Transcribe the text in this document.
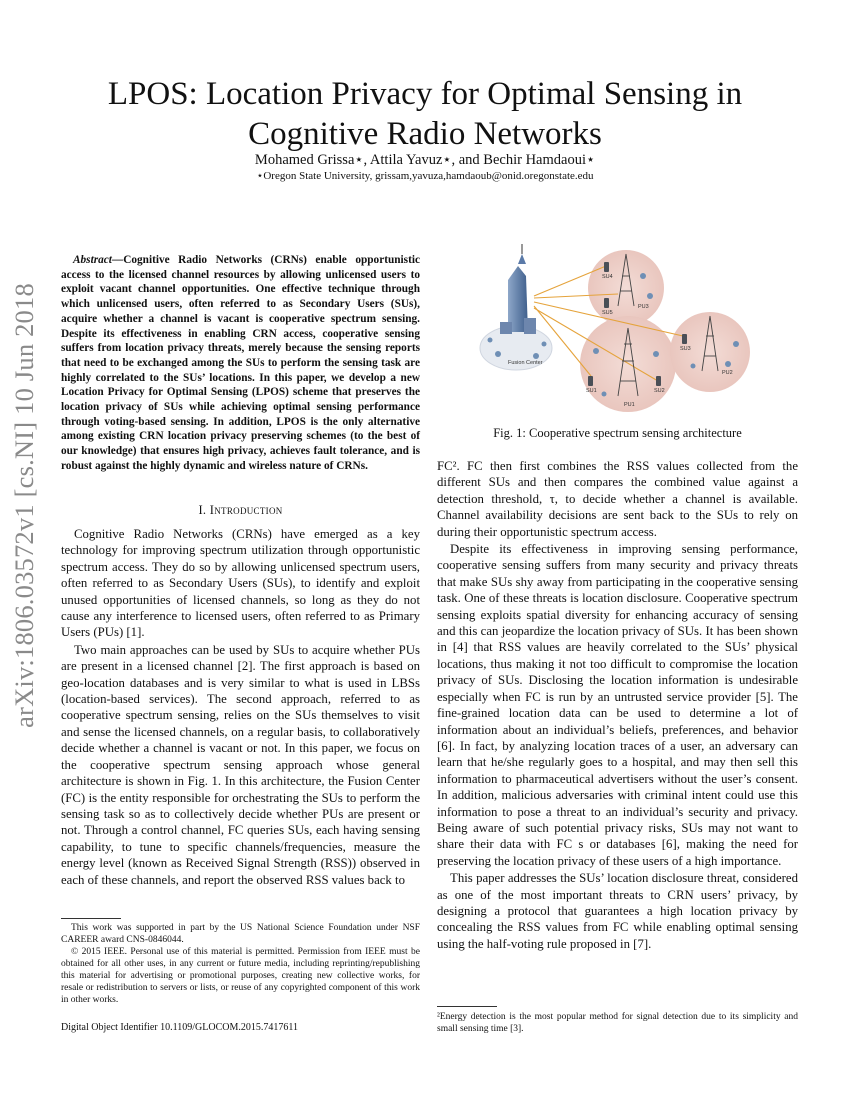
LPOS: Location Privacy for Optimal Sensing in
Cognitive Radio Networks
Mohamed Grissa⋆, Attila Yavuz⋆, and Bechir Hamdaoui⋆
⋆Oregon State University, grissam,yavuza,hamdaoub@onid.oregonstate.edu
arXiv:1806.03572v1 [cs.NI] 10 Jun 2018
Abstract—Cognitive Radio Networks (CRNs) enable opportunistic access to the licensed channel resources by allowing unlicensed users to exploit vacant channel opportunities. One effective technique through which unlicensed users, often referred to as Secondary Users (SUs), acquire whether a channel is vacant is cooperative spectrum sensing. Despite its effectiveness in enabling CRN access, cooperative sensing suffers from location privacy threats, merely because the sensing reports that need to be exchanged among the SUs to perform the sensing task are highly correlated to the SUs’ locations. In this paper, we develop a new Location Privacy for Optimal Sensing (LPOS) scheme that preserves the location privacy of SUs while achieving optimal sensing performance through voting-based sensing. In addition, LPOS is the only alternative among existing CRN location privacy preserving schemes (to the best of our knowledge) that ensures high privacy, achieves fault tolerance, and is robust against the highly dynamic and wireless nature of CRNs.
I. Introduction

Cognitive Radio Networks (CRNs) have emerged as a key technology for improving spectrum utilization through opportunistic spectrum access. They do so by allowing unlicensed spectrum users, often referred to as Secondary Users (SUs), to identify and exploit unused opportunities of licensed channels, so long as they do not cause any interference to licensed users, often referred to as Primary Users (PUs) [1].

Two main approaches can be used by SUs to acquire whether PUs are present in a licensed channel [2]. The first approach is based on geo-location databases and is very similar to what is used in LBSs (location-based services). The second approach, referred to as cooperative spectrum sensing, relies on the SUs themselves to visit and sense the licensed channels, on a regular basis, to collaboratively decide whether a channel is vacant or not. In this paper, we focus on the cooperative spectrum sensing approach whose general architecture is shown in Fig. 1. In this architecture, the Fusion Center (FC) is the entity responsible for orchestrating the SUs to perform the sensing task so as to collectively decide whether PUs are present or not. Through a control channel, FC queries SUs, each having sensing capability, to tune to specific channels/frequencies, measure the energy level (known as Received Signal Strength (RSS)) observed in each of these channels, and report the observed RSS values back to

This work was supported in part by the US National Science Foundation under NSF CAREER award CNS-0846044.
© 2015 IEEE. Personal use of this material is permitted. Permission from IEEE must be obtained for all other uses, in any current or future media, including reprinting/republishing this material for advertising or promotional purposes, creating new collective works, for resale or redistribution to servers or lists, or reuse of any copyrighted component of this work in other works.
Digital Object Identifier 10.1109/GLOCOM.2015.7417611
Fusion Center
SU4
SU5
SU1	SU2
SU3
PU3
PU1
PU2
Fig. 1: Cooperative spectrum sensing architecture

FC². FC then first combines the RSS values collected from the different SUs and then compares the combined value against a detection threshold, τ, to decide whether a channel is available. Channel availability decisions are sent back to the SUs to rely on during their opportunistic spectrum access.

Despite its effectiveness in improving sensing performance, cooperative sensing suffers from many security and privacy threats that make SUs shy away from participating in the cooperative sensing task. One of these threats is location disclosure. Cooperative spectrum sensing exploits spatial diversity for enhancing accuracy of sensing and this can jeopardize the location privacy of SUs. It has been shown in [4] that RSS values are heavily correlated to the SUs’ physical locations, thus making it not too difficult to compromise the location privacy of SUs. Disclosing the location information is undesirable especially when FC is run by an untrusted service provider [5]. The fine-grained location data can be used to determine a lot of information about an individual’s beliefs, preferences, and behavior [6]. In fact, by analyzing location traces of a user, an adversary can learn that he/she regularly goes to a hospital, and may then sell this information to pharmaceutical advertisers without the user’s consent. In addition, malicious adversaries with criminal intent could use this information to pose a threat to an individual’s security and privacy. Being aware of such potential privacy risks, SUs may not want to share their data with FC s or databases [6], making the need for preserving the location privacy of these users of a high importance.

This paper addresses the SUs’ location disclosure threat, considered as one of the most important threats to CRN users’ privacy, by designing a protocol that guarantees a high location privacy by concealing the RSS values from FC while enabling optimal sensing using the half-voting rule proposed in [7].

²Energy detection is the most popular method for signal detection due to its simplicity and small sensing time [3].
